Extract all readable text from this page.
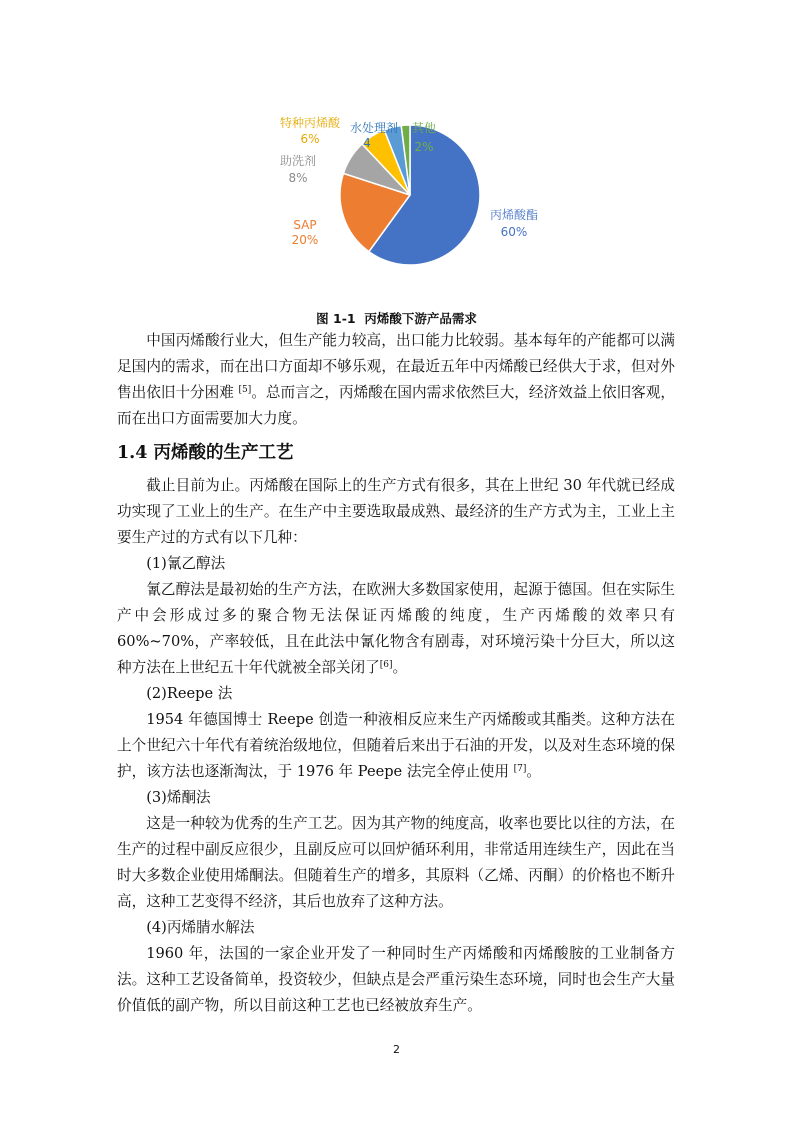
丙烯酸酯
60%
SAP
20%
助洗剂
8%
特种丙烯酸
6%
水处理剂
4
其他
2%
图 1-1 丙烯酸下游产品需求

中国丙烯酸行业大，但生产能力较高，出口能力比较弱。基本每年的产能都可以满足国内的需求，而在出口方面却不够乐观，在最近五年中丙烯酸已经供大于求，但对外售出依旧十分困难 [5]。总而言之，丙烯酸在国内需求依然巨大，经济效益上依旧客观，而在出口方面需要加大力度。

1.4 丙烯酸的生产工艺

截止目前为止。丙烯酸在国际上的生产方式有很多，其在上世纪 30 年代就已经成功实现了工业上的生产。在生产中主要选取最成熟、最经济的生产方式为主，工业上主要生产过的方式有以下几种：

(1)氰乙醇法

氰乙醇法是最初始的生产方法，在欧洲大多数国家使用，起源于德国。但在实际生产中会形成过多的聚合物无法保证丙烯酸的纯度，生产丙烯酸的效率只有 60%~70%，产率较低，且在此法中氰化物含有剧毒，对环境污染十分巨大，所以这种方法在上世纪五十年代就被全部关闭了[6]。

(2)Reepe 法

1954 年德国博士 Reepe 创造一种液相反应来生产丙烯酸或其酯类。这种方法在上个世纪六十年代有着统治级地位，但随着后来出于石油的开发，以及对生态环境的保护，该方法也逐渐淘汰，于 1976 年 Peepe 法完全停止使用 [7]。

(3)烯酮法

这是一种较为优秀的生产工艺。因为其产物的纯度高，收率也要比以往的方法，在生产的过程中副反应很少，且副反应可以回炉循环利用，非常适用连续生产，因此在当时大多数企业使用烯酮法。但随着生产的增多，其原料（乙烯、丙酮）的价格也不断升高，这种工艺变得不经济，其后也放弃了这种方法。

(4)丙烯腈水解法

1960 年，法国的一家企业开发了一种同时生产丙烯酸和丙烯酸胺的工业制备方法。这种工艺设备简单，投资较少，但缺点是会严重污染生态环境，同时也会生产大量价值低的副产物，所以目前这种工艺也已经被放弃生产。

2
